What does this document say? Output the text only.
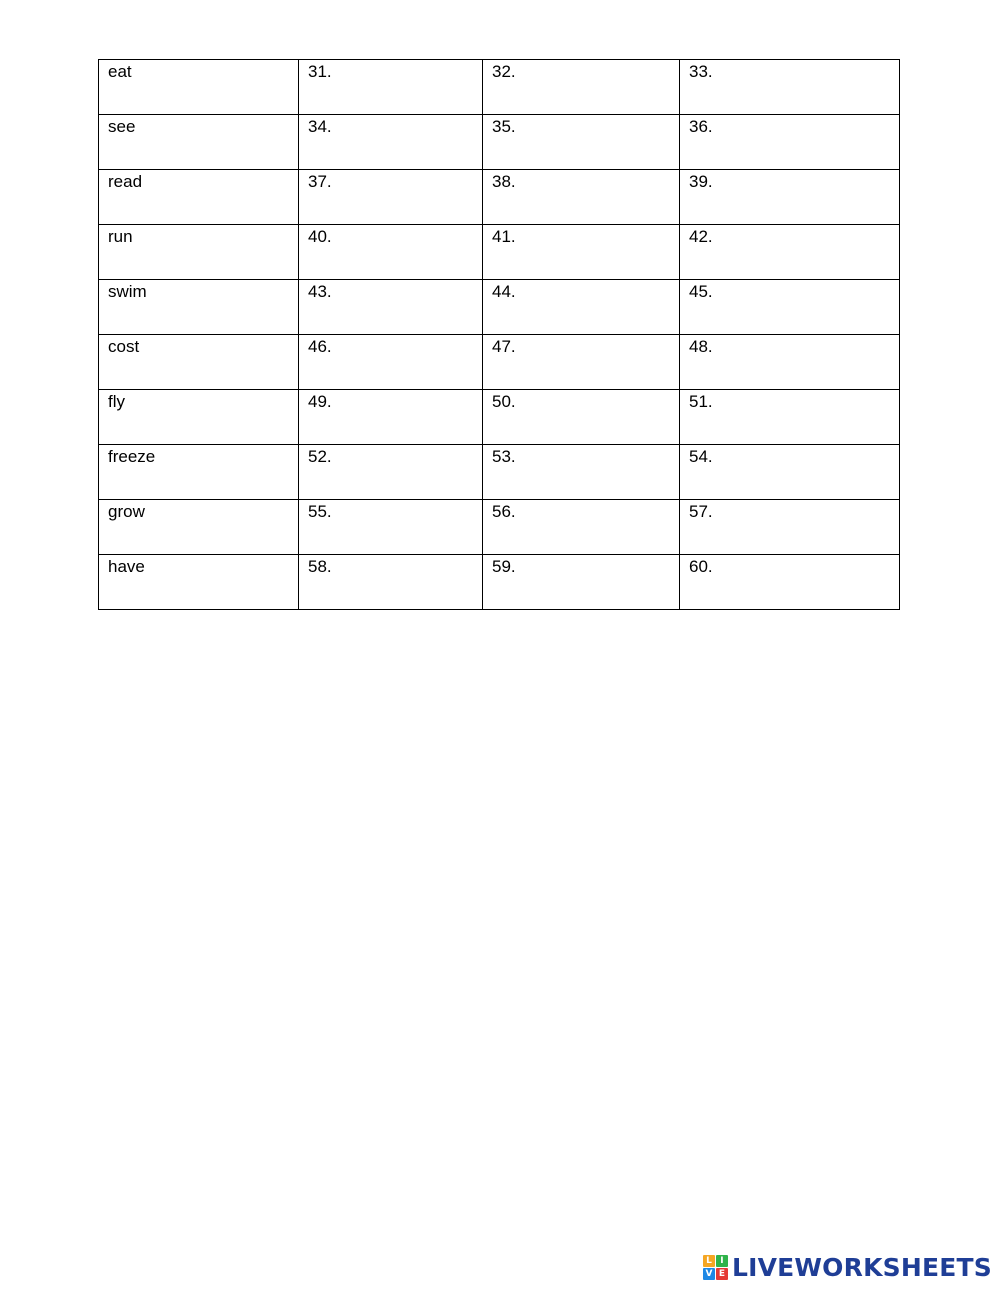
eat	31.	32.	33.

see	34.	35.	36.

read	37.	38.	39.

run	40.	41.	42.

swim	43.	44.	45.

cost	46.	47.	48.

fly	49.	50.	51.

freeze	52.	53.	54.

grow	55.	56.	57.

have	58.	59.	60.
L I
V E LIVEWORKSHEETS
